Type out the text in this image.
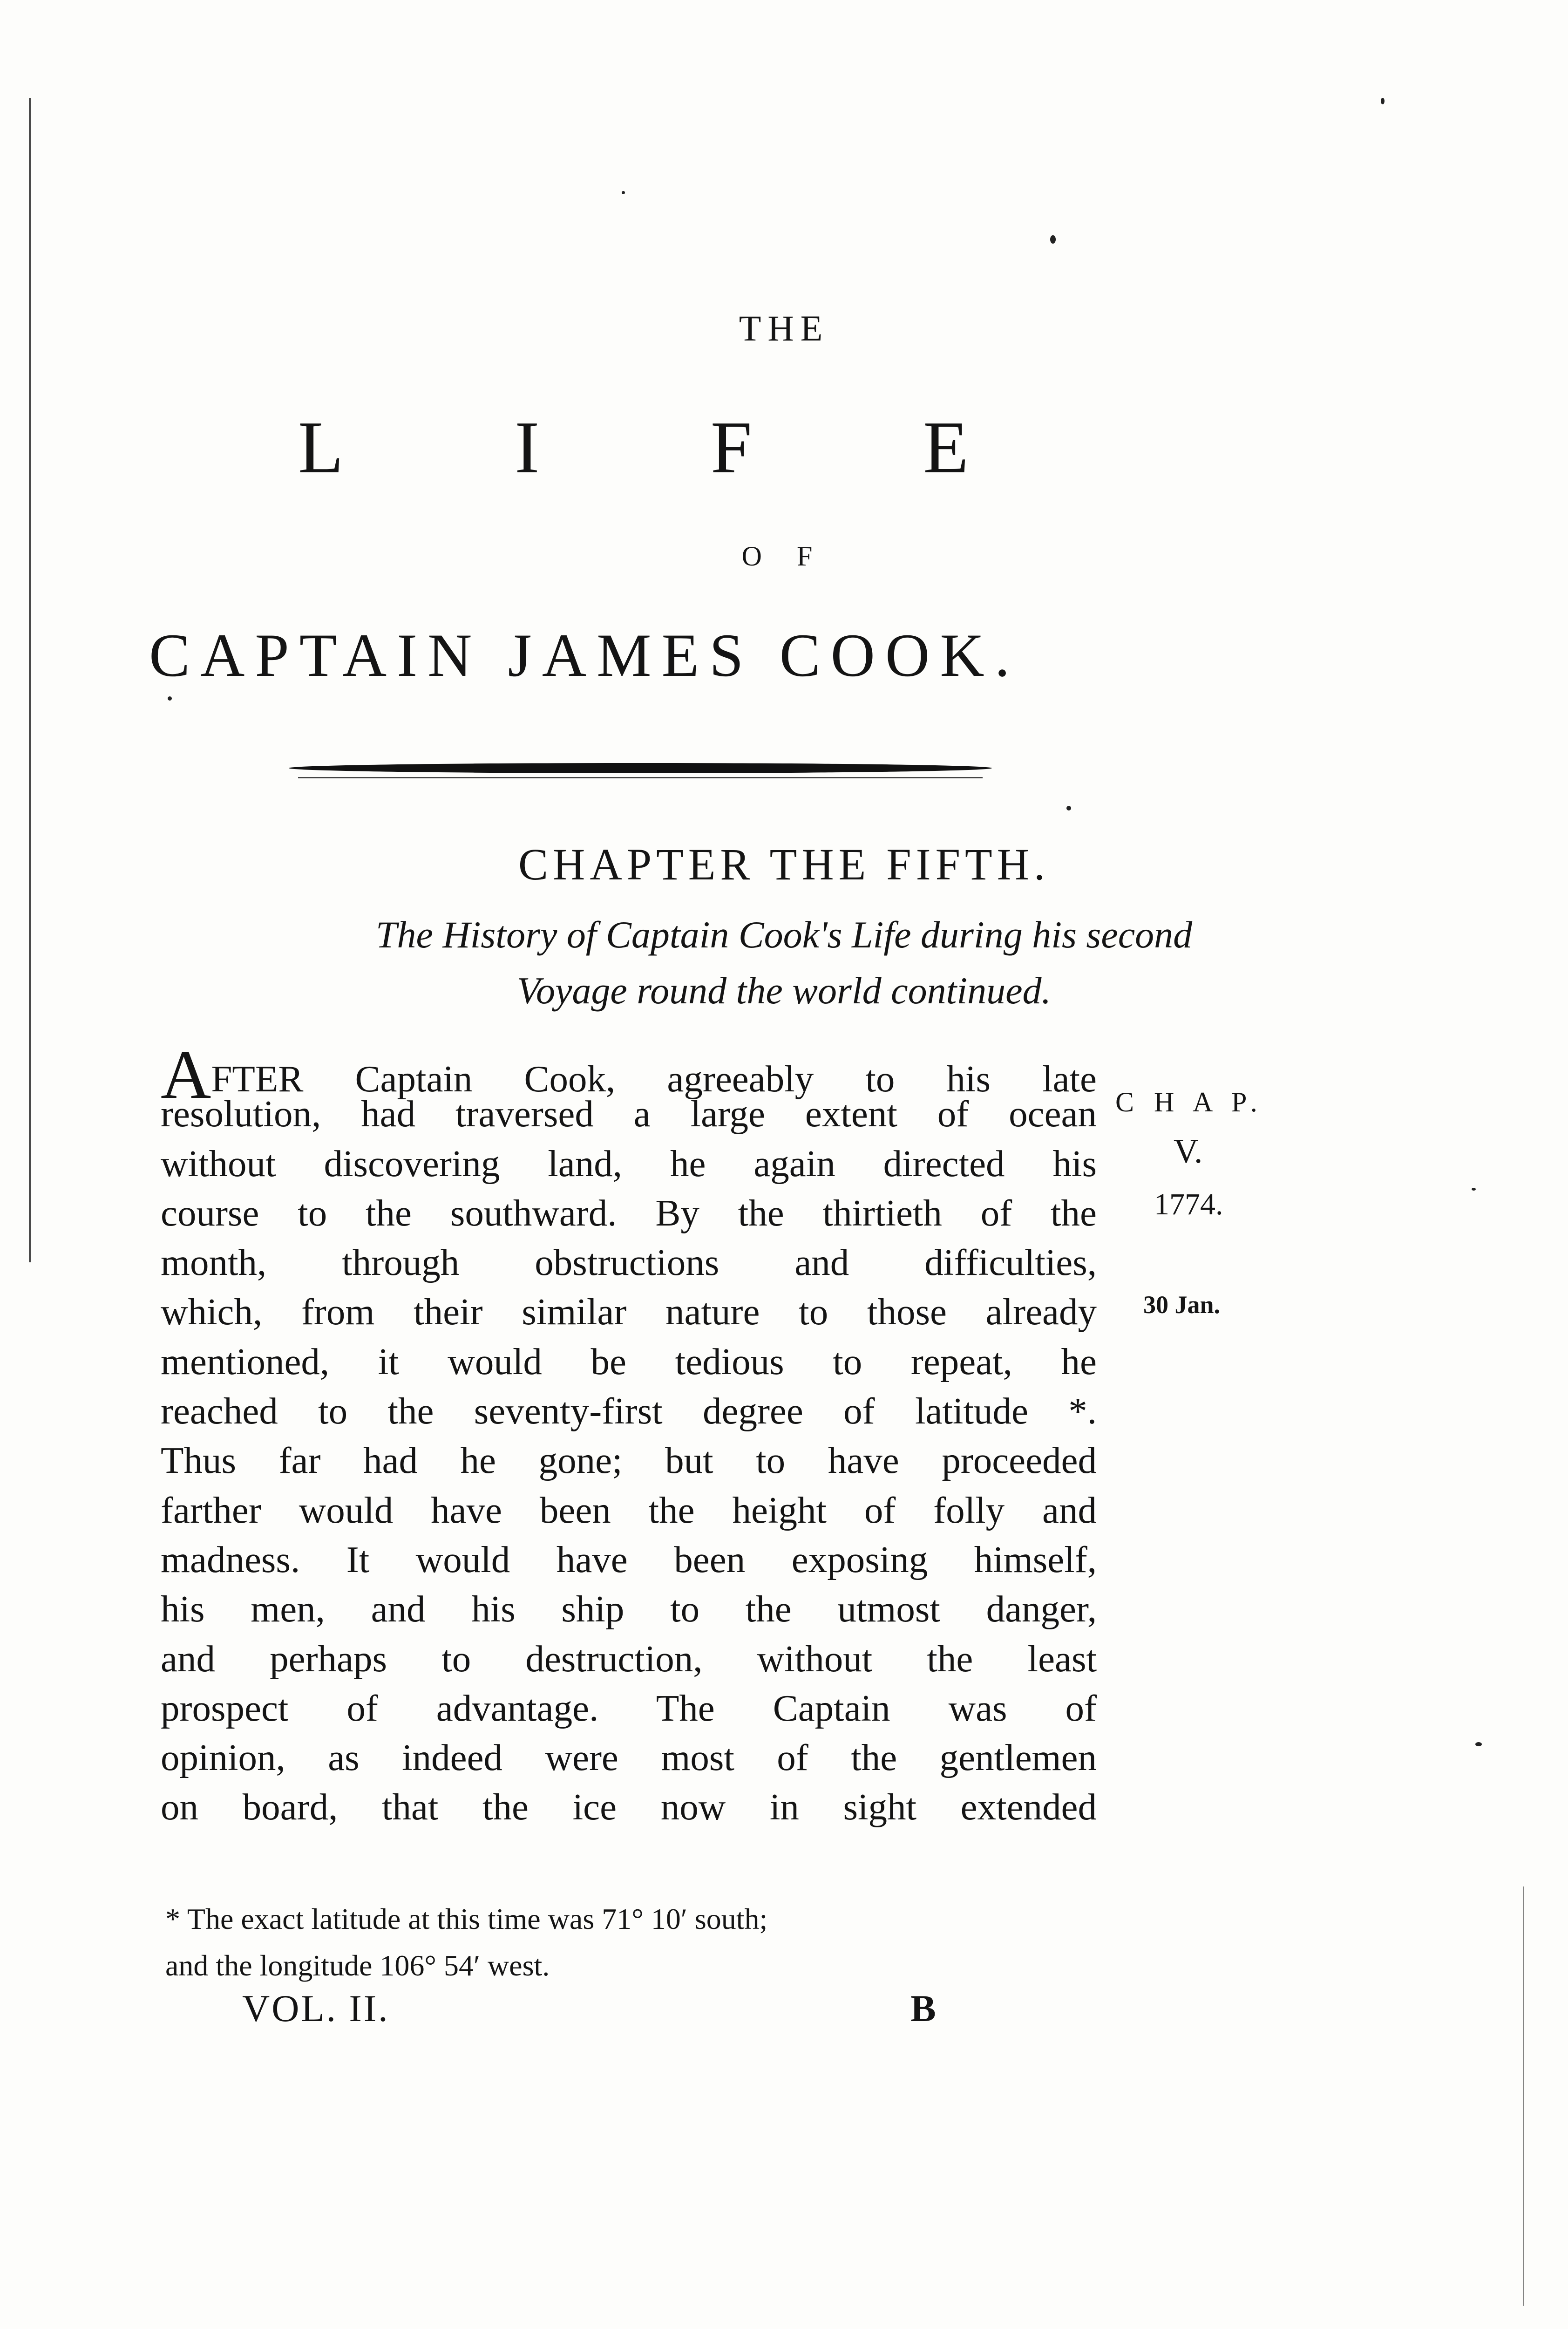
THE
L I F E
O F
CAPTAIN JAMES COOK.
CHAPTER THE FIFTH.
The History of Captain Cook's Life during his second
Voyage round the world continued.
AFTER Captain Cook, agreeably to his late
resolution, had traversed a large extent of ocean
without discovering land, he again directed his
course to the southward. By the thirtieth of the
month, through obstructions and difficulties,
which, from their similar nature to those already
mentioned, it would be tedious to repeat, he
reached to the seventy-first degree of latitude *.
Thus far had he gone; but to have proceeded
farther would have been the height of folly and
madness. It would have been exposing himself,
his men, and his ship to the utmost danger,
and perhaps to destruction, without the least
prospect of advantage. The Captain was of
opinion, as indeed were most of the gentlemen
on board, that the ice now in sight extended
C H A P.
V.
1774.
30 Jan.
* The exact latitude at this time was 71° 10′ south;
and the longitude 106° 54′ west.
VOL. II.	B
